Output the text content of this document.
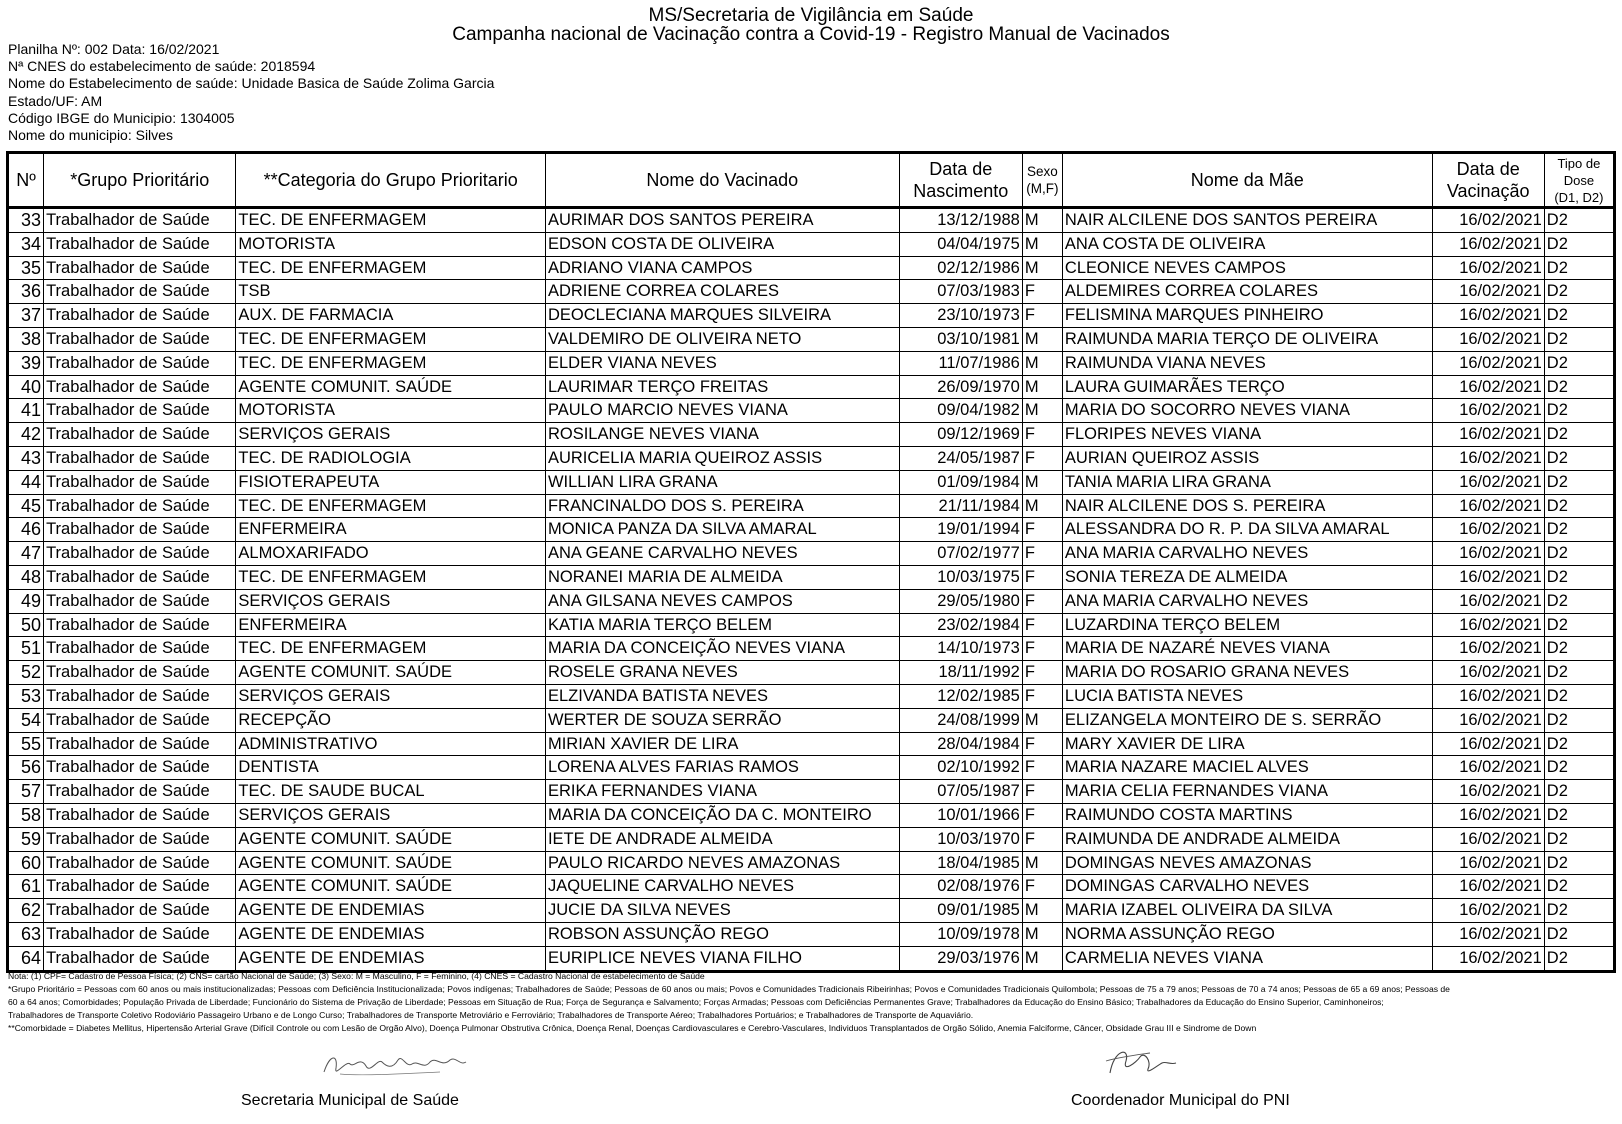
MS/Secretaria de Vigilância em Saúde
Campanha nacional de Vacinação contra a Covid-19 - Registro Manual de Vacinados
Planilha Nº: 002 Data: 16/02/2021
Nª CNES do estabelecimento de saúde: 2018594
Nome do Estabelecimento de saúde: Unidade Basica de Saúde Zolima Garcia
Estado/UF: AM
Código IBGE do Municipio: 1304005
Nome do municipio: Silves
Nº	*Grupo Prioritário	**Categoria do Grupo Prioritario	Nome do Vacinado	Data de
Nascimento	Sexo
(M,F)	Nome da Mãe	Data de
Vacinação	Tipo de
Dose
(D1, D2)
33	Trabalhador de Saúde	TEC. DE ENFERMAGEM	AURIMAR DOS SANTOS PEREIRA	13/12/1988	M	NAIR ALCILENE DOS SANTOS PEREIRA	16/02/2021	D2
34	Trabalhador de Saúde	MOTORISTA	EDSON COSTA DE OLIVEIRA	04/04/1975	M	ANA COSTA DE OLIVEIRA	16/02/2021	D2
35	Trabalhador de Saúde	TEC. DE ENFERMAGEM	ADRIANO VIANA CAMPOS	02/12/1986	M	CLEONICE NEVES CAMPOS	16/02/2021	D2
36	Trabalhador de Saúde	TSB	ADRIENE CORREA COLARES	07/03/1983	F	ALDEMIRES CORREA COLARES	16/02/2021	D2
37	Trabalhador de Saúde	AUX. DE FARMACIA	DEOCLECIANA MARQUES SILVEIRA	23/10/1973	F	FELISMINA MARQUES PINHEIRO	16/02/2021	D2
38	Trabalhador de Saúde	TEC. DE ENFERMAGEM	VALDEMIRO DE OLIVEIRA NETO	03/10/1981	M	RAIMUNDA MARIA TERÇO DE OLIVEIRA	16/02/2021	D2
39	Trabalhador de Saúde	TEC. DE ENFERMAGEM	ELDER VIANA NEVES	11/07/1986	M	RAIMUNDA VIANA NEVES	16/02/2021	D2
40	Trabalhador de Saúde	AGENTE COMUNIT. SAÚDE	LAURIMAR TERÇO FREITAS	26/09/1970	M	LAURA GUIMARÃES TERÇO	16/02/2021	D2
41	Trabalhador de Saúde	MOTORISTA	PAULO MARCIO NEVES VIANA	09/04/1982	M	MARIA DO SOCORRO NEVES VIANA	16/02/2021	D2
42	Trabalhador de Saúde	SERVIÇOS GERAIS	ROSILANGE NEVES VIANA	09/12/1969	F	FLORIPES NEVES VIANA	16/02/2021	D2
43	Trabalhador de Saúde	TEC. DE RADIOLOGIA	AURICELIA MARIA QUEIROZ ASSIS	24/05/1987	F	AURIAN QUEIROZ ASSIS	16/02/2021	D2
44	Trabalhador de Saúde	FISIOTERAPEUTA	WILLIAN LIRA GRANA	01/09/1984	M	TANIA MARIA LIRA GRANA	16/02/2021	D2
45	Trabalhador de Saúde	TEC. DE ENFERMAGEM	FRANCINALDO DOS S. PEREIRA	21/11/1984	M	NAIR ALCILENE DOS S. PEREIRA	16/02/2021	D2
46	Trabalhador de Saúde	ENFERMEIRA	MONICA PANZA DA SILVA AMARAL	19/01/1994	F	ALESSANDRA DO R. P. DA SILVA AMARAL	16/02/2021	D2
47	Trabalhador de Saúde	ALMOXARIFADO	ANA GEANE CARVALHO NEVES	07/02/1977	F	ANA MARIA CARVALHO NEVES	16/02/2021	D2
48	Trabalhador de Saúde	TEC. DE ENFERMAGEM	NORANEI MARIA DE ALMEIDA	10/03/1975	F	SONIA TEREZA DE ALMEIDA	16/02/2021	D2
49	Trabalhador de Saúde	SERVIÇOS GERAIS	ANA GILSANA NEVES CAMPOS	29/05/1980	F	ANA MARIA CARVALHO NEVES	16/02/2021	D2
50	Trabalhador de Saúde	ENFERMEIRA	KATIA MARIA TERÇO BELEM	23/02/1984	F	LUZARDINA TERÇO BELEM	16/02/2021	D2
51	Trabalhador de Saúde	TEC. DE ENFERMAGEM	MARIA DA CONCEIÇÃO NEVES VIANA	14/10/1973	F	MARIA DE NAZARÉ NEVES VIANA	16/02/2021	D2
52	Trabalhador de Saúde	AGENTE COMUNIT. SAÚDE	ROSELE GRANA NEVES	18/11/1992	F	MARIA DO ROSARIO GRANA NEVES	16/02/2021	D2
53	Trabalhador de Saúde	SERVIÇOS GERAIS	ELZIVANDA BATISTA NEVES	12/02/1985	F	LUCIA BATISTA NEVES	16/02/2021	D2
54	Trabalhador de Saúde	RECEPÇÃO	WERTER DE SOUZA SERRÃO	24/08/1999	M	ELIZANGELA MONTEIRO DE S. SERRÃO	16/02/2021	D2
55	Trabalhador de Saúde	ADMINISTRATIVO	MIRIAN XAVIER DE LIRA	28/04/1984	F	MARY XAVIER DE LIRA	16/02/2021	D2
56	Trabalhador de Saúde	DENTISTA	LORENA ALVES FARIAS RAMOS	02/10/1992	F	MARIA NAZARE MACIEL ALVES	16/02/2021	D2
57	Trabalhador de Saúde	TEC. DE SAUDE BUCAL	ERIKA FERNANDES VIANA	07/05/1987	F	MARIA CELIA FERNANDES VIANA	16/02/2021	D2
58	Trabalhador de Saúde	SERVIÇOS GERAIS	MARIA DA CONCEIÇÃO DA C. MONTEIRO	10/01/1966	F	RAIMUNDO COSTA MARTINS	16/02/2021	D2
59	Trabalhador de Saúde	AGENTE COMUNIT. SAÚDE	IETE DE ANDRADE ALMEIDA	10/03/1970	F	RAIMUNDA DE ANDRADE ALMEIDA	16/02/2021	D2
60	Trabalhador de Saúde	AGENTE COMUNIT. SAÚDE	PAULO RICARDO NEVES AMAZONAS	18/04/1985	M	DOMINGAS NEVES AMAZONAS	16/02/2021	D2
61	Trabalhador de Saúde	AGENTE COMUNIT. SAÚDE	JAQUELINE CARVALHO NEVES	02/08/1976	F	DOMINGAS CARVALHO NEVES	16/02/2021	D2
62	Trabalhador de Saúde	AGENTE DE ENDEMIAS	JUCIE DA SILVA NEVES	09/01/1985	M	MARIA IZABEL OLIVEIRA DA SILVA	16/02/2021	D2
63	Trabalhador de Saúde	AGENTE DE ENDEMIAS	ROBSON ASSUNÇÃO REGO	10/09/1978	M	NORMA ASSUNÇÃO REGO	16/02/2021	D2
64	Trabalhador de Saúde	AGENTE DE ENDEMIAS	EURIPLICE NEVES VIANA FILHO	29/03/1976	M	CARMELIA NEVES VIANA	16/02/2021	D2
Nota: (1) CPF= Cadastro de Pessoa Física; (2) CNS= cartão Nacional de Saúde; (3) Sexo: M = Masculino, F = Feminino, (4) CNES = Cadastro Nacional de estabelecimento de Saúde
*Grupo Prioritário = Pessoas com 60 anos ou mais institucionalizadas; Pessoas com Deficiência Institucionalizada; Povos indígenas; Trabalhadores de Saúde; Pessoas de 60 anos ou mais; Povos e Comunidades Tradicionais Ribeirinhas; Povos e Comunidades Tradicionais Quilombola; Pessoas de 75 a 79 anos; Pessoas de 70 a 74 anos; Pessoas de 65 a 69 anos; Pessoas de
60 a 64 anos; Comorbidades; População Privada de Liberdade; Funcionário do Sistema de Privação de Liberdade; Pessoas em Situação de Rua; Força de Segurança e Salvamento; Forças Armadas; Pessoas com Deficiências Permanentes Grave; Trabalhadores da Educação do Ensino Básico; Trabalhadores da Educação do Ensino Superior, Caminhoneiros;
Trabalhadores de Transporte Coletivo Rodoviário Passageiro Urbano e de Longo Curso; Trabalhadores de Transporte Metroviário e Ferroviário; Trabalhadores de Transporte Aéreo; Trabalhadores Portuários; e Trabalhadores de Transporte de Aquaviário.
**Comorbidade = Diabetes Mellitus, Hipertensão Arterial Grave (Difícil Controle ou com Lesão de Orgão Alvo), Doença Pulmonar Obstrutiva Crônica, Doença Renal, Doenças Cardiovasculares e Cerebro-Vasculares, Individuos Transplantados de Orgão Sólido, Anemia Falciforme, Câncer, Obsidade Grau III e Sindrome de Down
Secretaria Municipal de Saúde	Coordenador Municipal do PNI
